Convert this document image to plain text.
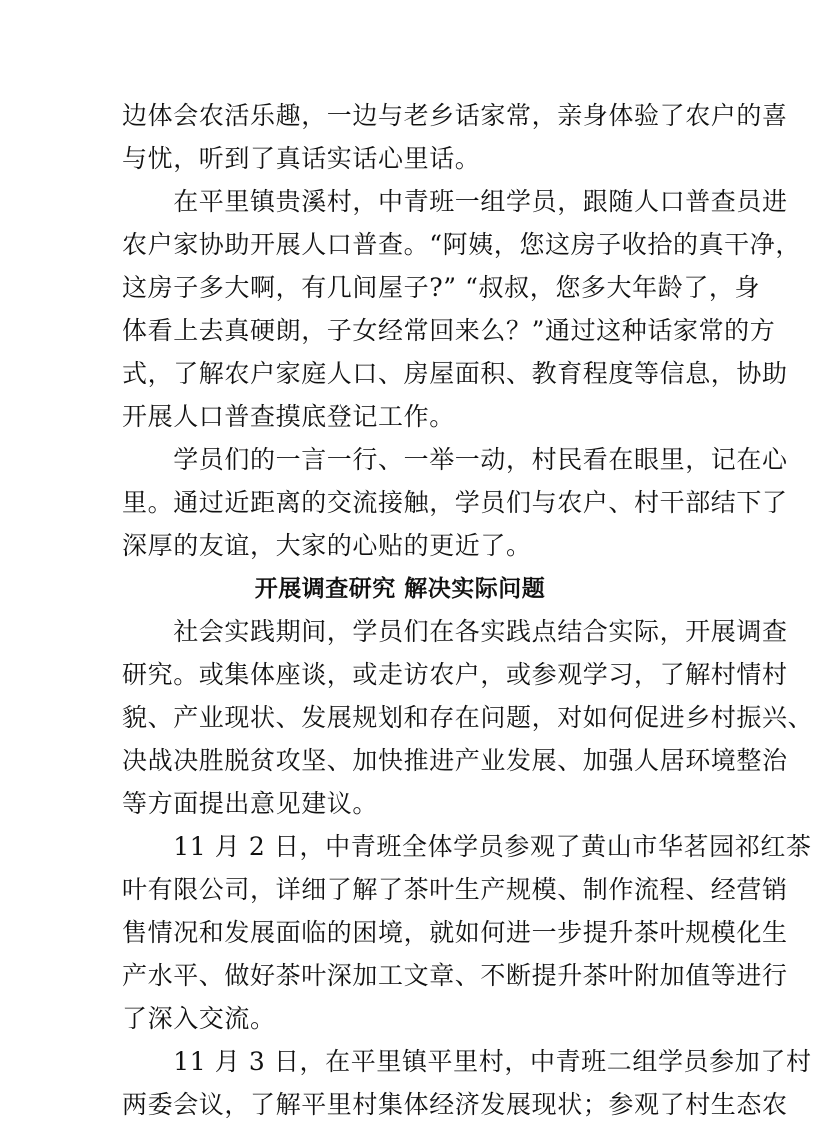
边体会农活乐趣，一边与老乡话家常，亲身体验了农户的喜
与忧，听到了真话实话心里话。
　　在平里镇贵溪村，中青班一组学员，跟随人口普查员进
农户家协助开展人口普查。“阿姨，您这房子收拾的真干净，
这房子多大啊，有几间屋子?” “叔叔，您多大年龄了，身
体看上去真硬朗，子女经常回来么？”通过这种话家常的方
式，了解农户家庭人口、房屋面积、教育程度等信息，协助
开展人口普查摸底登记工作。
　　学员们的一言一行、一举一动，村民看在眼里，记在心
里。通过近距离的交流接触，学员们与农户、村干部结下了
深厚的友谊，大家的心贴的更近了。
开展调查研究 解决实际问题
　　社会实践期间，学员们在各实践点结合实际，开展调查
研究。或集体座谈，或走访农户，或参观学习，了解村情村
貌、产业现状、发展规划和存在问题，对如何促进乡村振兴、
决战决胜脱贫攻坚、加快推进产业发展、加强人居环境整治
等方面提出意见建议。
　　11 月 2 日，中青班全体学员参观了黄山市华茗园祁红茶
叶有限公司，详细了解了茶叶生产规模、制作流程、经营销
售情况和发展面临的困境，就如何进一步提升茶叶规模化生
产水平、做好茶叶深加工文章、不断提升茶叶附加值等进行
了深入交流。
　　11 月 3 日，在平里镇平里村，中青班二组学员参加了村
两委会议，了解平里村集体经济发展现状；参观了村生态农
